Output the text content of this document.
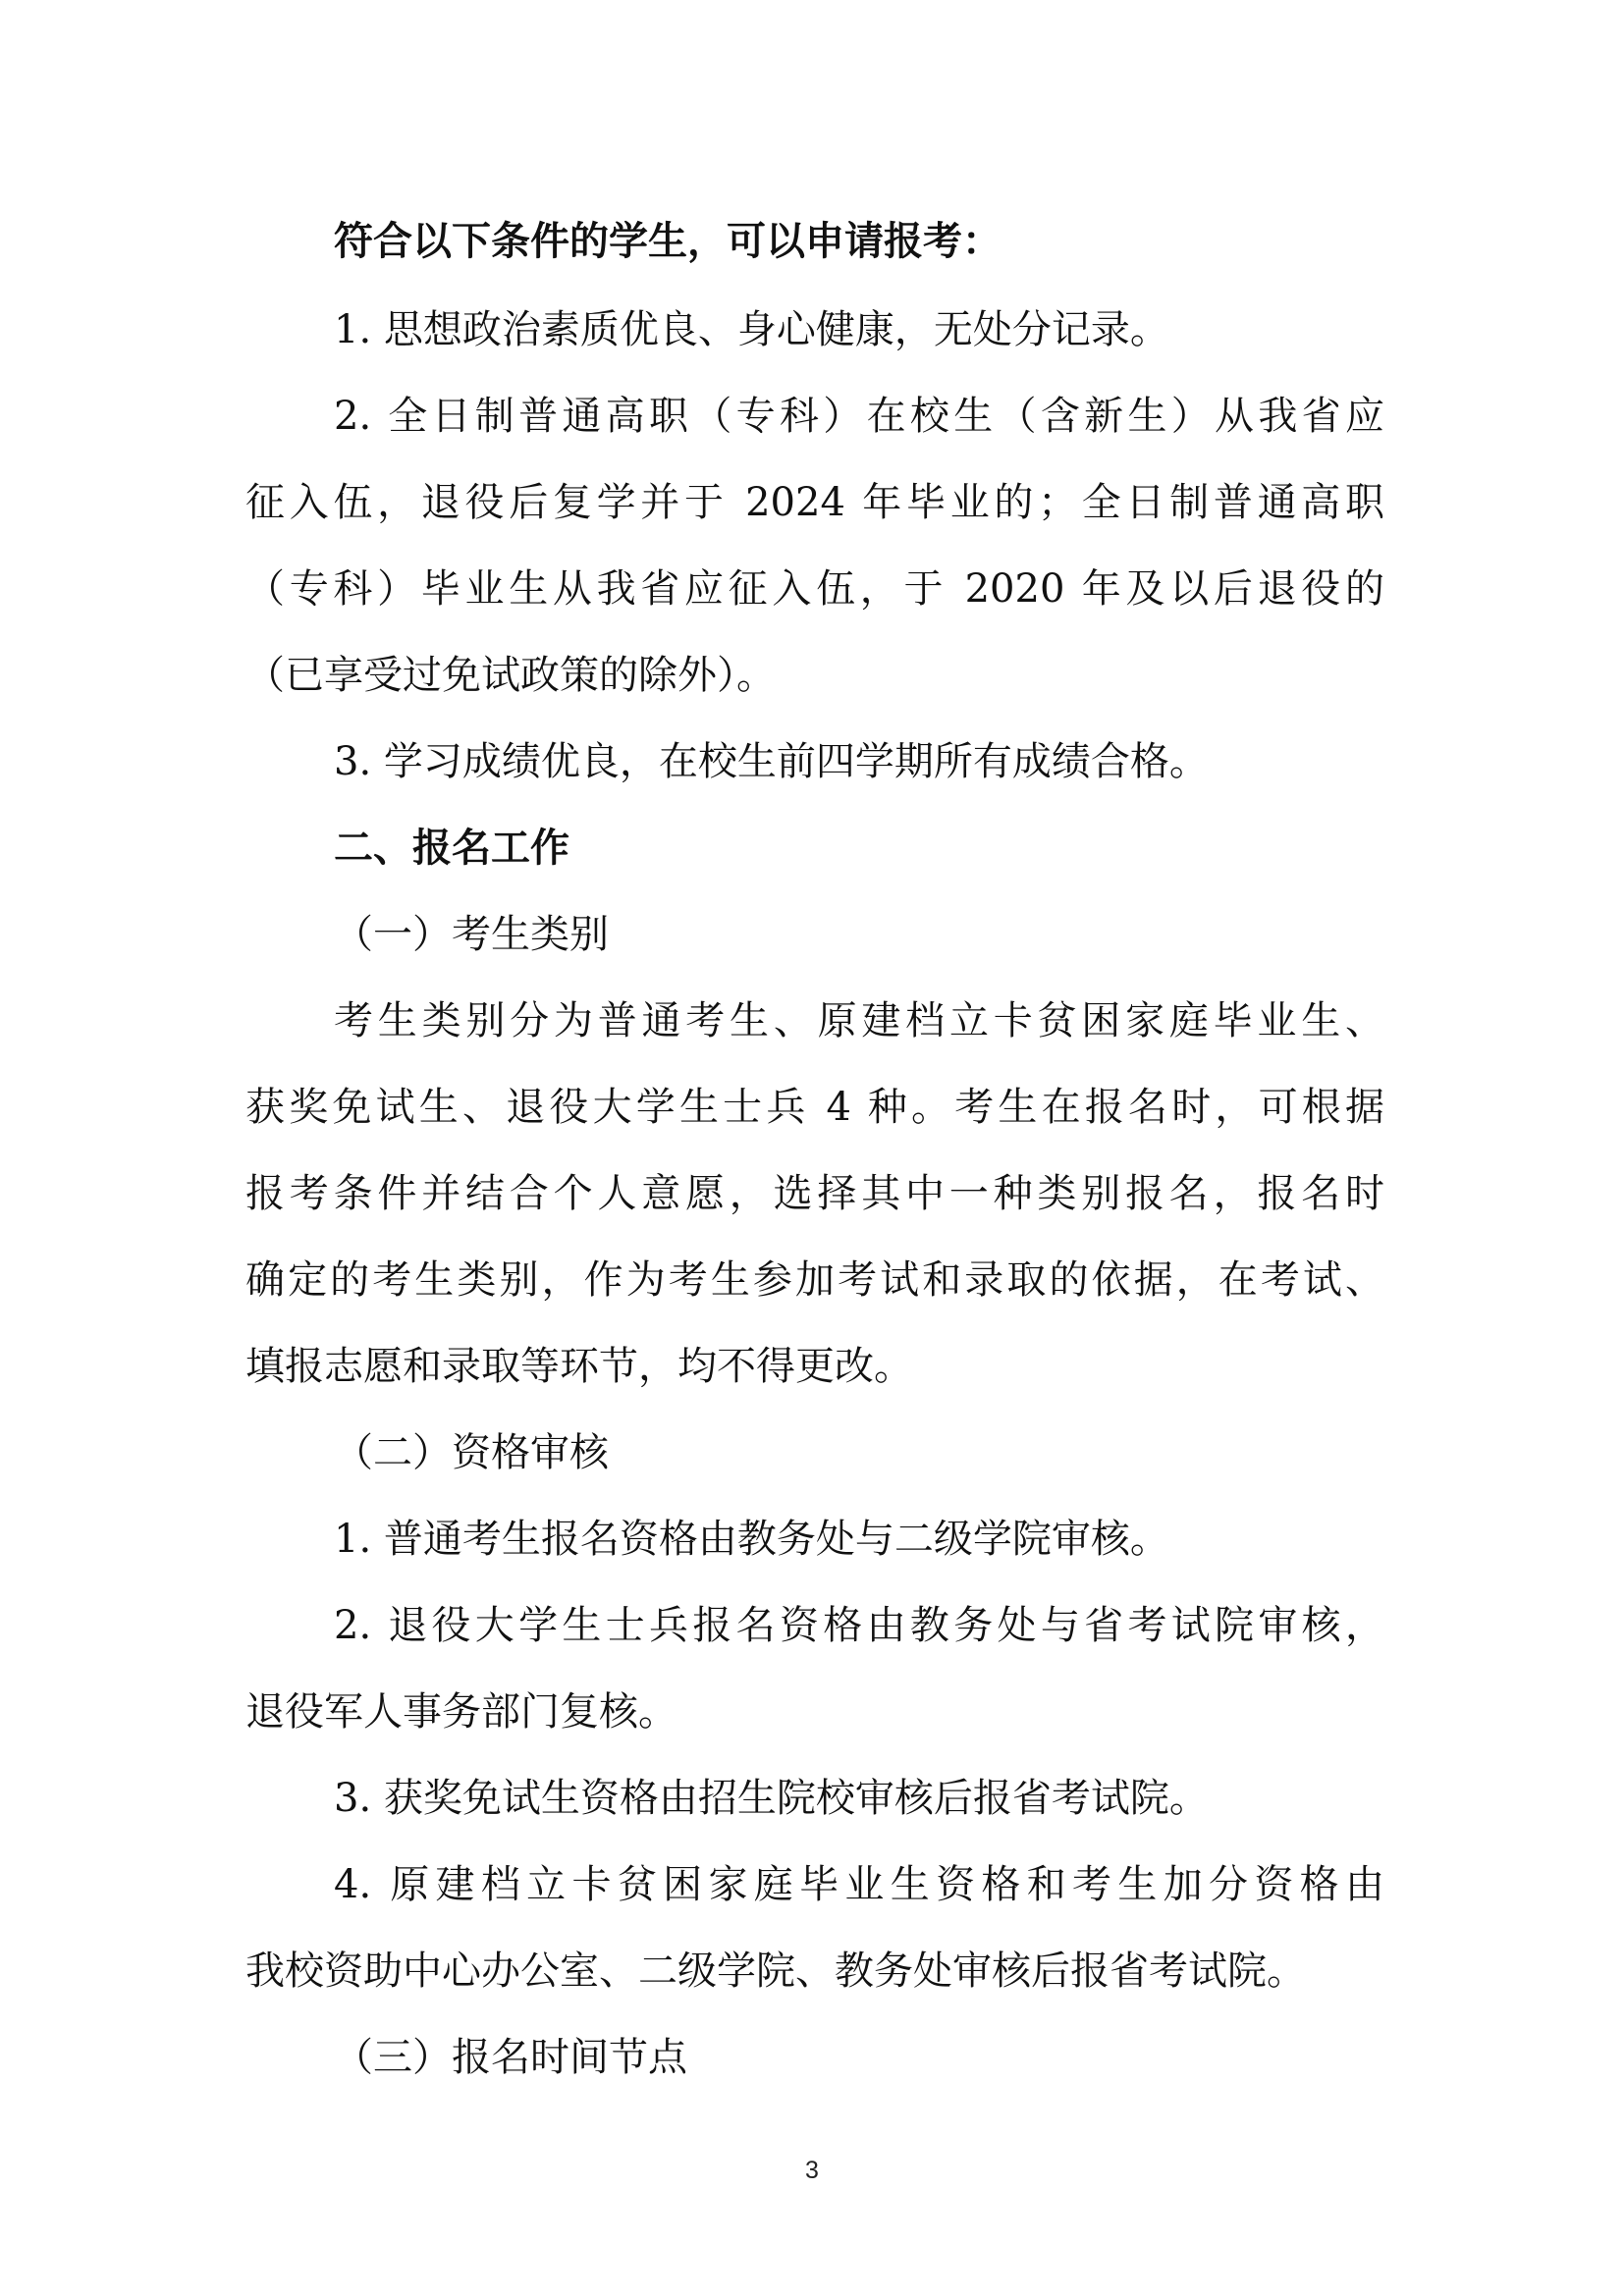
符合以下条件的学生，可以申请报考：
1. 思想政治素质优良、身心健康，无处分记录。
2. 全日制普通高职（专科）在校生（含新生）从我省应
征入伍，退役后复学并于 2024 年毕业的；全日制普通高职
（专科）毕业生从我省应征入伍，于 2020 年及以后退役的
（已享受过免试政策的除外）。
3. 学习成绩优良，在校生前四学期所有成绩合格。
二、报名工作
（一）考生类别
考生类别分为普通考生、原建档立卡贫困家庭毕业生、
获奖免试生、退役大学生士兵 4 种。考生在报名时，可根据
报考条件并结合个人意愿，选择其中一种类别报名，报名时
确定的考生类别，作为考生参加考试和录取的依据，在考试、
填报志愿和录取等环节，均不得更改。
（二）资格审核
1. 普通考生报名资格由教务处与二级学院审核。
2. 退役大学生士兵报名资格由教务处与省考试院审核，
退役军人事务部门复核。
3. 获奖免试生资格由招生院校审核后报省考试院。
4. 原建档立卡贫困家庭毕业生资格和考生加分资格由
我校资助中心办公室、二级学院、教务处审核后报省考试院。
（三）报名时间节点
3
